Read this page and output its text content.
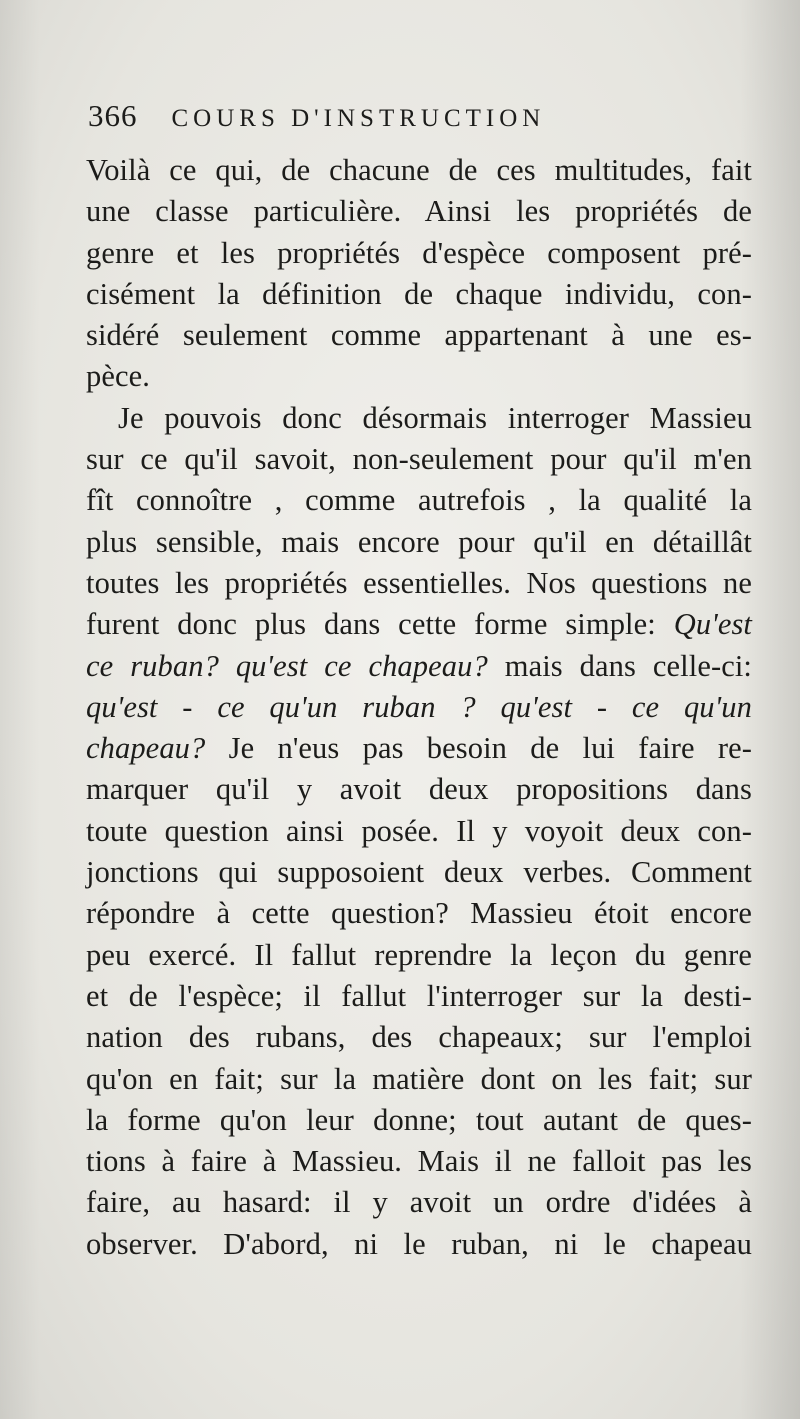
366 COURS D'INSTRUCTION
Voilà ce qui, de chacune de ces multitudes, fait
une classe particulière. Ainsi les propriétés de
genre et les propriétés d'espèce composent pré-
cisément la définition de chaque individu, con-
sidéré seulement comme appartenant à une es-
pèce.
Je pouvois donc désormais interroger Massieu
sur ce qu'il savoit, non-seulement pour qu'il m'en
fît connoître , comme autrefois , la qualité la
plus sensible, mais encore pour qu'il en détaillât
toutes les propriétés essentielles. Nos questions ne
furent donc plus dans cette forme simple: Qu'est
ce ruban? qu'est ce chapeau? mais dans celle-ci:
qu'est - ce qu'un ruban ? qu'est - ce qu'un
chapeau? Je n'eus pas besoin de lui faire re-
marquer qu'il y avoit deux propositions dans
toute question ainsi posée. Il y voyoit deux con-
jonctions qui supposoient deux verbes. Comment
répondre à cette question? Massieu étoit encore
peu exercé. Il fallut reprendre la leçon du genre
et de l'espèce; il fallut l'interroger sur la desti-
nation des rubans, des chapeaux; sur l'emploi
qu'on en fait; sur la matière dont on les fait; sur
la forme qu'on leur donne; tout autant de ques-
tions à faire à Massieu. Mais il ne falloit pas les
faire, au hasard: il y avoit un ordre d'idées à
observer. D'abord, ni le ruban, ni le chapeau
